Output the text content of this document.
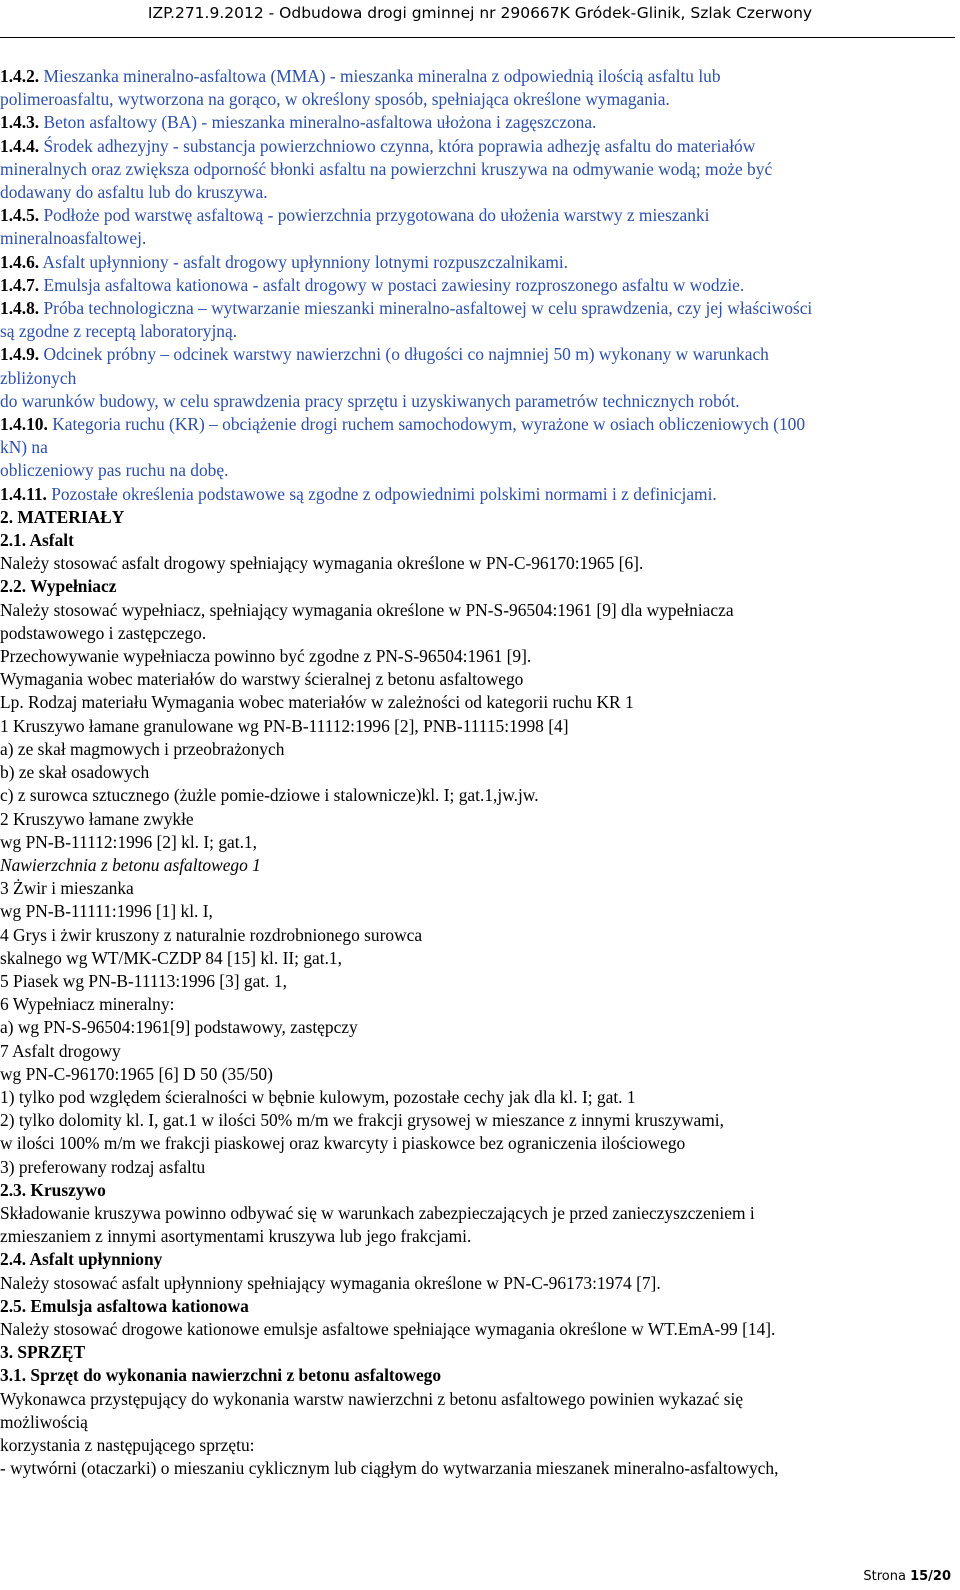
IZP.271.9.2012 - Odbudowa drogi gminnej nr 290667K Gródek-Glinik, Szlak Czerwony

1.4.2. Mieszanka mineralno-asfaltowa (MMA) - mieszanka mineralna z odpowiednią ilością asfaltu lub

polimeroasfaltu, wytworzona na gorąco, w określony sposób, spełniająca określone wymagania.

1.4.3. Beton asfaltowy (BA) - mieszanka mineralno-asfaltowa ułożona i zagęszczona.

1.4.4. Środek adhezyjny - substancja powierzchniowo czynna, która poprawia adhezję asfaltu do materiałów

mineralnych oraz zwiększa odporność błonki asfaltu na powierzchni kruszywa na odmywanie wodą; może być

dodawany do asfaltu lub do kruszywa.

1.4.5. Podłoże pod warstwę asfaltową - powierzchnia przygotowana do ułożenia warstwy z mieszanki

mineralnoasfaltowej.

1.4.6. Asfalt upłynniony - asfalt drogowy upłynniony lotnymi rozpuszczalnikami.

1.4.7. Emulsja asfaltowa kationowa - asfalt drogowy w postaci zawiesiny rozproszonego asfaltu w wodzie.

1.4.8. Próba technologiczna – wytwarzanie mieszanki mineralno-asfaltowej w celu sprawdzenia, czy jej właściwości

są zgodne z receptą laboratoryjną.

1.4.9. Odcinek próbny – odcinek warstwy nawierzchni (o długości co najmniej 50 m) wykonany w warunkach

zbliżonych

do warunków budowy, w celu sprawdzenia pracy sprzętu i uzyskiwanych parametrów technicznych robót.

1.4.10. Kategoria ruchu (KR) – obciążenie drogi ruchem samochodowym, wyrażone w osiach obliczeniowych (100

kN) na

obliczeniowy pas ruchu na dobę.

1.4.11. Pozostałe określenia podstawowe są zgodne z odpowiednimi polskimi normami i z definicjami.

2. MATERIAŁY

2.1. Asfalt

Należy stosować asfalt drogowy spełniający wymagania określone w PN-C-96170:1965 [6].

2.2. Wypełniacz

Należy stosować wypełniacz, spełniający wymagania określone w PN-S-96504:1961 [9] dla wypełniacza

podstawowego i zastępczego.

Przechowywanie wypełniacza powinno być zgodne z PN-S-96504:1961 [9].

Wymagania wobec materiałów do warstwy ścieralnej z betonu asfaltowego

Lp. Rodzaj materiału Wymagania wobec materiałów w zależności od kategorii ruchu KR 1

1 Kruszywo łamane granulowane wg PN-B-11112:1996 [2], PNB-11115:1998 [4]

a) ze skał magmowych i przeobrażonych

b) ze skał osadowych

c) z surowca sztucznego (żużle pomie-dziowe i stalownicze)kl. I; gat.1,jw.jw.

2 Kruszywo łamane zwykłe

wg PN-B-11112:1996 [2] kl. I; gat.1,

Nawierzchnia z betonu asfaltowego 1

3 Żwir i mieszanka

wg PN-B-11111:1996 [1] kl. I,

4 Grys i żwir kruszony z naturalnie rozdrobnionego surowca

skalnego wg WT/MK-CZDP 84 [15] kl. II; gat.1,

5 Piasek wg PN-B-11113:1996 [3] gat. 1,

6 Wypełniacz mineralny:

a) wg PN-S-96504:1961[9] podstawowy, zastępczy

7 Asfalt drogowy

wg PN-C-96170:1965 [6] D 50 (35/50)

1) tylko pod względem ścieralności w bębnie kulowym, pozostałe cechy jak dla kl. I; gat. 1

2) tylko dolomity kl. I, gat.1 w ilości 50% m/m we frakcji grysowej w mieszance z innymi kruszywami,

w ilości 100% m/m we frakcji piaskowej oraz kwarcyty i piaskowce bez ograniczenia ilościowego

3) preferowany rodzaj asfaltu

2.3. Kruszywo

Składowanie kruszywa powinno odbywać się w warunkach zabezpieczających je przed zanieczyszczeniem i

zmieszaniem z innymi asortymentami kruszywa lub jego frakcjami.

2.4. Asfalt upłynniony

Należy stosować asfalt upłynniony spełniający wymagania określone w PN-C-96173:1974 [7].

2.5. Emulsja asfaltowa kationowa

Należy stosować drogowe kationowe emulsje asfaltowe spełniające wymagania określone w WT.EmA-99 [14].

3. SPRZĘT

3.1. Sprzęt do wykonania nawierzchni z betonu asfaltowego

Wykonawca przystępujący do wykonania warstw nawierzchni z betonu asfaltowego powinien wykazać się

możliwością

korzystania z następującego sprzętu:

- wytwórni (otaczarki) o mieszaniu cyklicznym lub ciągłym do wytwarzania mieszanek mineralno-asfaltowych,

Strona 15/20
